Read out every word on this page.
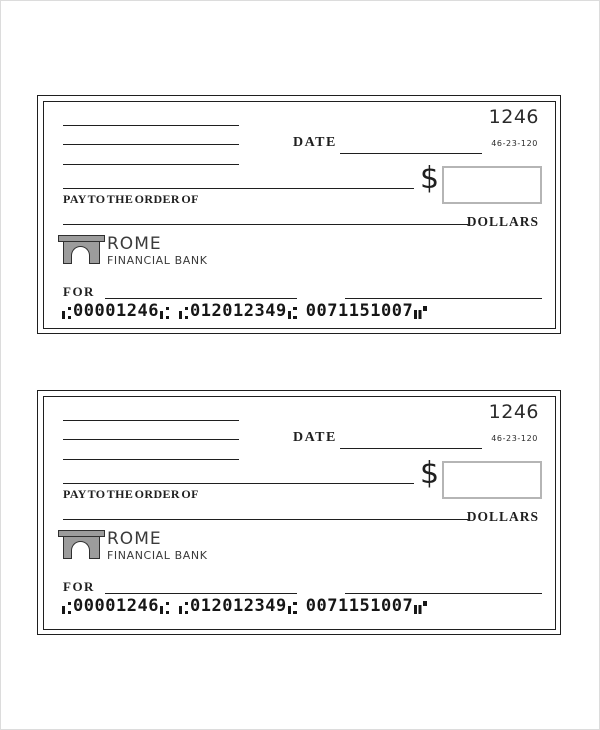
1246
DATE	46-23-120
PAY TO THE ORDER OF
$
DOLLARS
ROME
FINANCIAL BANK
FOR
0 0 0 0 1 2 4 6 0 1 2 0 1 2 3 4 9 0 0 7 1 1 5 1 0 0 7
1246
DATE	46-23-120
PAY TO THE ORDER OF
$
DOLLARS
ROME
FINANCIAL BANK
FOR
0 0 0 0 1 2 4 6 0 1 2 0 1 2 3 4 9 0 0 7 1 1 5 1 0 0 7
